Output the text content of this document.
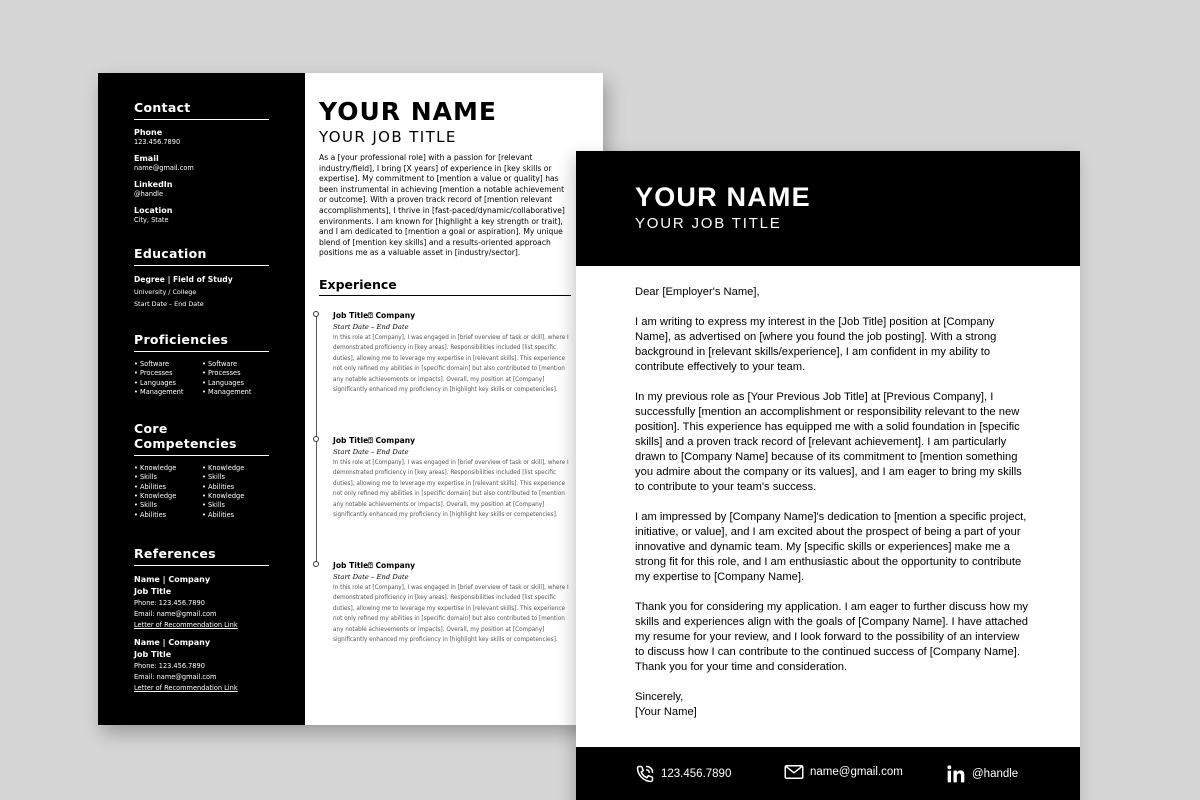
Contact
Phone
123.456.7890
Email
name@gmail.com
LinkedIn
@handle
Location
City, State
Education
Degree | Field of Study
University / College
Start Date – End Date
Proficiencies
• Software	• Software
• Processes	• Processes
• Languages	• Languages
• Management	• Management
Core Competencies
• Knowledge	• Knowledge
• Skills	• Skills
• Abilities	• Abilities
• Knowledge	• Knowledge
• Skills	• Skills
• Abilities	• Abilities
References
Name | Company
Job Title
Phone: 123.456.7890
Email: name@gmail.com
Letter of Recommendation Link
Name | Company
Job Title
Phone: 123.456.7890
Email: name@gmail.com
Letter of Recommendation Link
YOUR NAME
YOUR JOB TITLE
As a [your professional role] with a passion for [relevant industry/field], I bring [X years] of experience in [key skills or expertise]. My commitment to [mention a value or quality] has been instrumental in achieving [mention a notable achievement or outcome]. With a proven track record of [mention relevant accomplishments], I thrive in [fast-paced/dynamic/collaborative] environments. I am known for [highlight a key strength or trait], and I am dedicated to [mention a goal or aspiration]. My unique blend of [mention key skills] and a results-oriented approach positions me as a valuable asset in [industry/sector].
Experience
Job Title⍰ Company
Start Date – End Date
In this role at [Company], I was engaged in [brief overview of task or skill], where I demonstrated proficiency in [key areas]. Responsibilities included [list specific duties], allowing me to leverage my expertise in [relevant skills]. This experience not only refined my abilities in [specific domain] but also contributed to [mention any notable achievements or impacts]. Overall, my position at [Company] significantly enhanced my proficiency in [highlight key skills or competencies].
Job Title⍰ Company
Start Date – End Date
In this role at [Company], I was engaged in [brief overview of task or skill], where I demonstrated proficiency in [key areas]. Responsibilities included [list specific duties], allowing me to leverage my expertise in [relevant skills]. This experience not only refined my abilities in [specific domain] but also contributed to [mention any notable achievements or impacts]. Overall, my position at [Company] significantly enhanced my proficiency in [highlight key skills or competencies].
Job Title⍰ Company
Start Date – End Date
In this role at [Company], I was engaged in [brief overview of task or skill], where I demonstrated proficiency in [key areas]. Responsibilities included [list specific duties], allowing me to leverage my expertise in [relevant skills]. This experience not only refined my abilities in [specific domain] but also contributed to [mention any notable achievements or impacts]. Overall, my position at [Company] significantly enhanced my proficiency in [highlight key skills or competencies].
YOUR NAME
YOUR JOB TITLE

Dear [Employer's Name],

I am writing to express my interest in the [Job Title] position at [Company Name], as advertised on [where you found the job posting]. With a strong background in [relevant skills/experience], I am confident in my ability to contribute effectively to your team.

In my previous role as [Your Previous Job Title] at [Previous Company], I successfully [mention an accomplishment or responsibility relevant to the new position]. This experience has equipped me with a solid foundation in [specific skills] and a proven track record of [relevant achievement]. I am particularly drawn to [Company Name] because of its commitment to [mention something you admire about the company or its values], and I am eager to bring my skills to contribute to your team's success.

I am impressed by [Company Name]'s dedication to [mention a specific project, initiative, or value], and I am excited about the prospect of being a part of your innovative and dynamic team. My [specific skills or experiences] make me a strong fit for this role, and I am enthusiastic about the opportunity to contribute my expertise to [Company Name].

Thank you for considering my application. I am eager to further discuss how my skills and experiences align with the goals of [Company Name]. I have attached my resume for your review, and I look forward to the possibility of an interview to discuss how I can contribute to the continued success of [Company Name]. Thank you for your time and consideration.

Sincerely,
[Your Name]
123.456.7890	name@gmail.com	@handle
